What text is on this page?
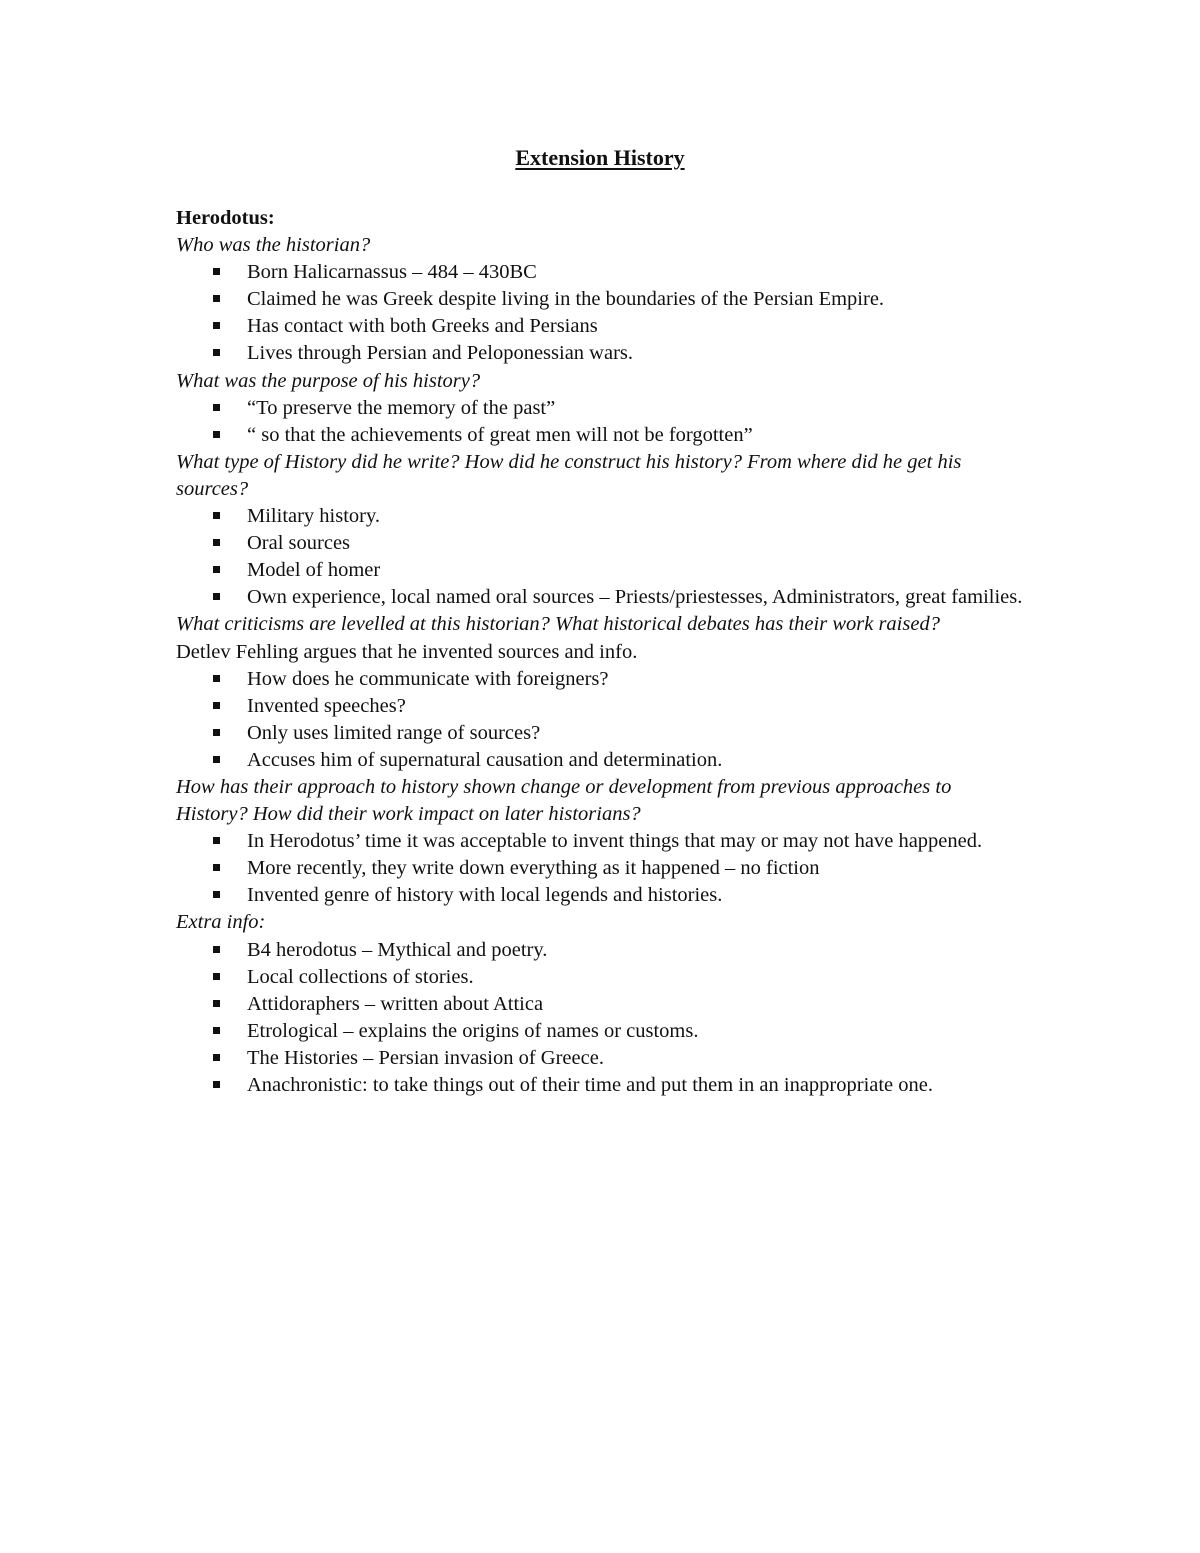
Extension History

Herodotus:

Who was the historian?

Born Halicarnassus – 484 – 430BC
Claimed he was Greek despite living in the boundaries of the Persian Empire.
Has contact with both Greeks and Persians
Lives through Persian and Peloponessian wars.

What was the purpose of his history?

“To preserve the memory of the past”
“ so that the achievements of great men will not be forgotten”

What type of History did he write? How did he construct his history? From where did he get his sources?

Military history.
Oral sources
Model of homer
Own experience, local named oral sources – Priests/priestesses, Administrators, great families.

What criticisms are levelled at this historian? What historical debates has their work raised?

Detlev Fehling argues that he invented sources and info.

How does he communicate with foreigners?
Invented speeches?
Only uses limited range of sources?
Accuses him of supernatural causation and determination.

How has their approach to history shown change or development from previous approaches to History? How did their work impact on later historians?

In Herodotus’ time it was acceptable to invent things that may or may not have happened.
More recently, they write down everything as it happened – no fiction
Invented genre of history with local legends and histories.

Extra info:

B4 herodotus – Mythical and poetry.
Local collections of stories.
Attidoraphers – written about Attica
Etrological – explains the origins of names or customs.
The Histories – Persian invasion of Greece.
Anachronistic: to take things out of their time and put them in an inappropriate one.
